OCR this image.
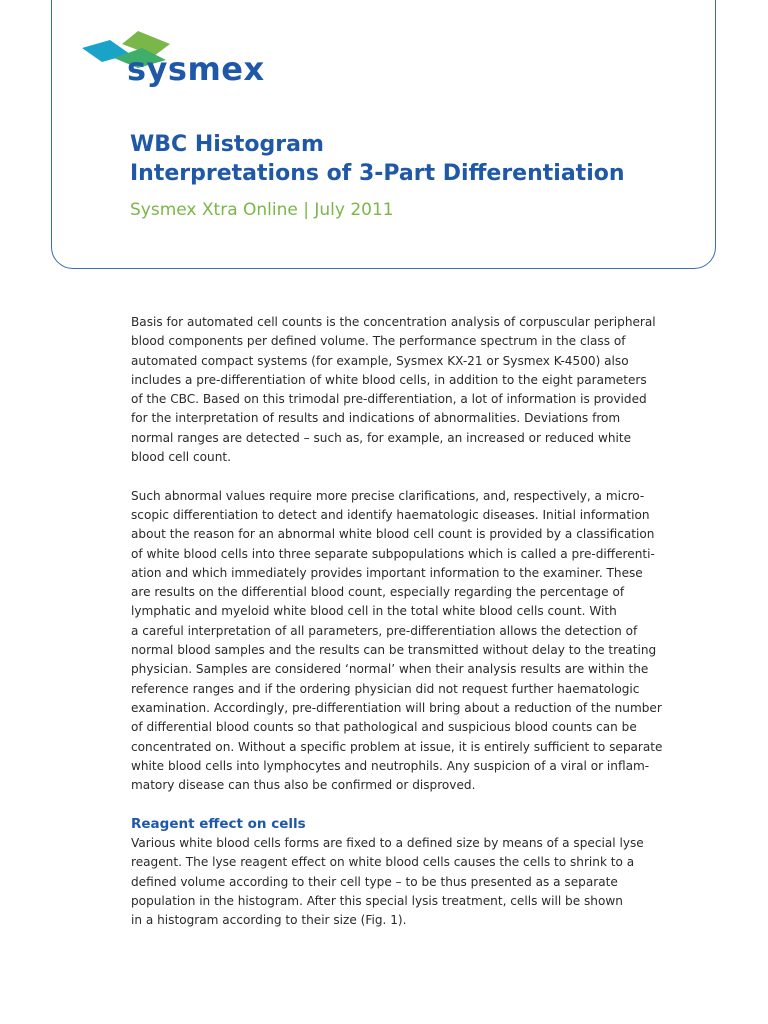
sysmex
WBC Histogram
Interpretations of 3-Part Differentiation

Sysmex Xtra Online | July 2011

Basis for automated cell counts is the concentration analysis of corpuscular peripheral
blood components per defined volume. The performance spectrum in the class of
automated compact systems (for example, Sysmex KX-21 or Sysmex K-4500) also
includes a pre-differentiation of white blood cells, in addition to the eight parameters
of the CBC. Based on this trimodal pre-differentiation, a lot of information is provided
for the interpretation of results and indications of abnormalities. Deviations from
normal ranges are detected – such as, for example, an increased or reduced white
blood cell count.

Such abnormal values require more precise clarifications, and, respectively, a micro-
scopic differentiation to detect and identify haematologic diseases. Initial information
about the reason for an abnormal white blood cell count is provided by a classification
of white blood cells into three separate subpopulations which is called a pre-differenti-
ation and which immediately provides important information to the examiner. These
are results on the differential blood count, especially regarding the percentage of
lymphatic and myeloid white blood cell in the total white blood cells count. With
a careful interpretation of all parameters, pre-differentiation allows the detection of
normal blood samples and the results can be transmitted without delay to the treating
physician. Samples are considered ‘normal’ when their analysis results are within the
reference ranges and if the ordering physician did not request further haematologic
examination. Accordingly, pre-differentiation will bring about a reduction of the number
of differential blood counts so that pathological and suspicious blood counts can be
concentrated on. Without a specific problem at issue, it is entirely sufficient to separate
white blood cells into lymphocytes and neutrophils. Any suspicion of a viral or inflam-
matory disease can thus also be confirmed or disproved.

Reagent effect on cells

Various white blood cells forms are fixed to a defined size by means of a special lyse
reagent. The lyse reagent effect on white blood cells causes the cells to shrink to a
defined volume according to their cell type – to be thus presented as a separate
population in the histogram. After this special lysis treatment, cells will be shown
in a histogram according to their size (Fig. 1).
